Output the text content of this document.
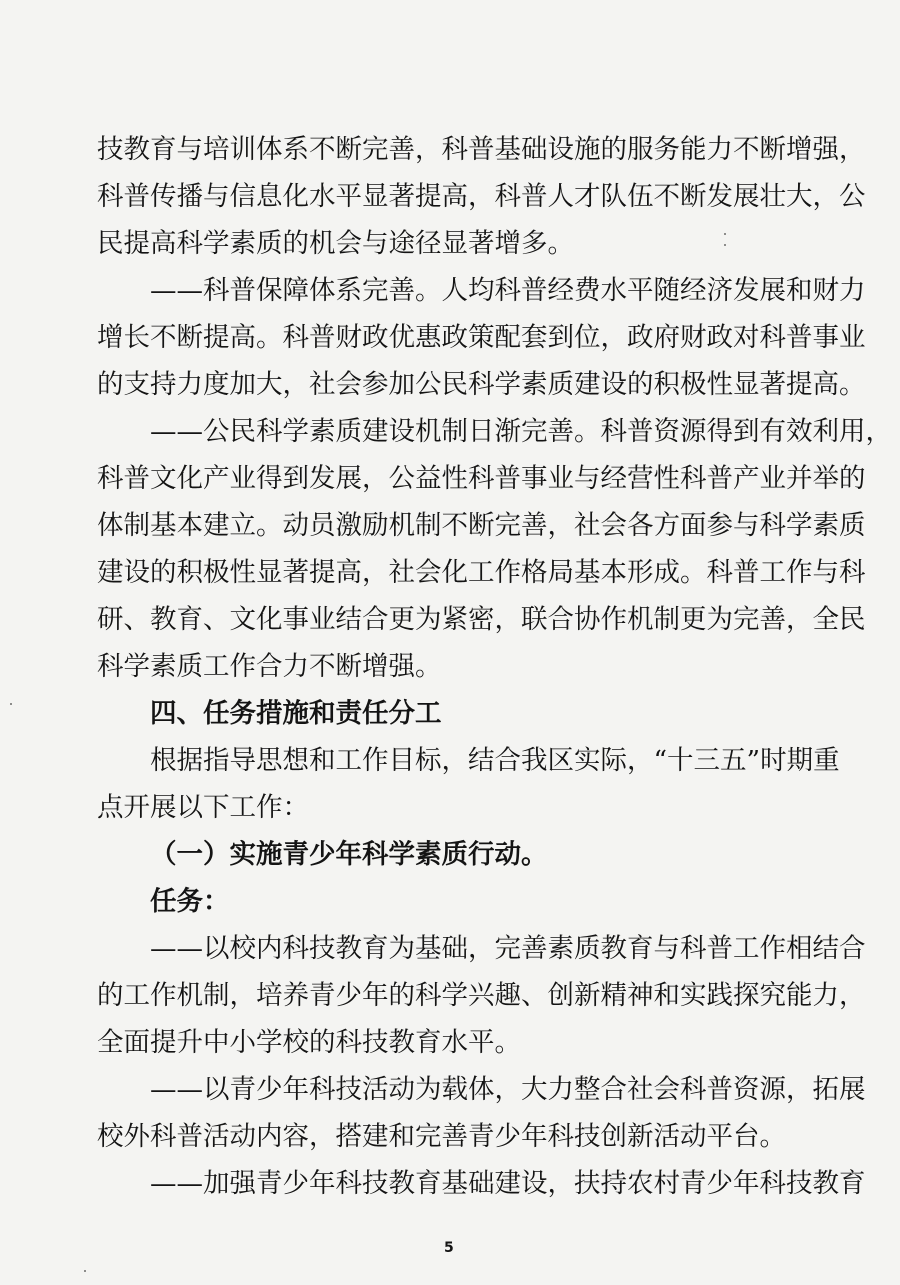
技教育与培训体系不断完善，科普基础设施的服务能力不断增强，
科普传播与信息化水平显著提高，科普人才队伍不断发展壮大，公
民提高科学素质的机会与途径显著增多。
——科普保障体系完善。人均科普经费水平随经济发展和财力
增长不断提高。科普财政优惠政策配套到位，政府财政对科普事业
的支持力度加大，社会参加公民科学素质建设的积极性显著提高。
——公民科学素质建设机制日渐完善。科普资源得到有效利用，
科普文化产业得到发展，公益性科普事业与经营性科普产业并举的
体制基本建立。动员激励机制不断完善，社会各方面参与科学素质
建设的积极性显著提高，社会化工作格局基本形成。科普工作与科
研、教育、文化事业结合更为紧密，联合协作机制更为完善，全民
科学素质工作合力不断增强。
四、任务措施和责任分工
根据指导思想和工作目标，结合我区实际，“十三五”时期重
点开展以下工作：
（一）实施青少年科学素质行动。
任务：
——以校内科技教育为基础，完善素质教育与科普工作相结合
的工作机制，培养青少年的科学兴趣、创新精神和实践探究能力，
全面提升中小学校的科技教育水平。
——以青少年科技活动为载体，大力整合社会科普资源，拓展
校外科普活动内容，搭建和完善青少年科技创新活动平台。
——加强青少年科技教育基础建设，扶持农村青少年科技教育
5
